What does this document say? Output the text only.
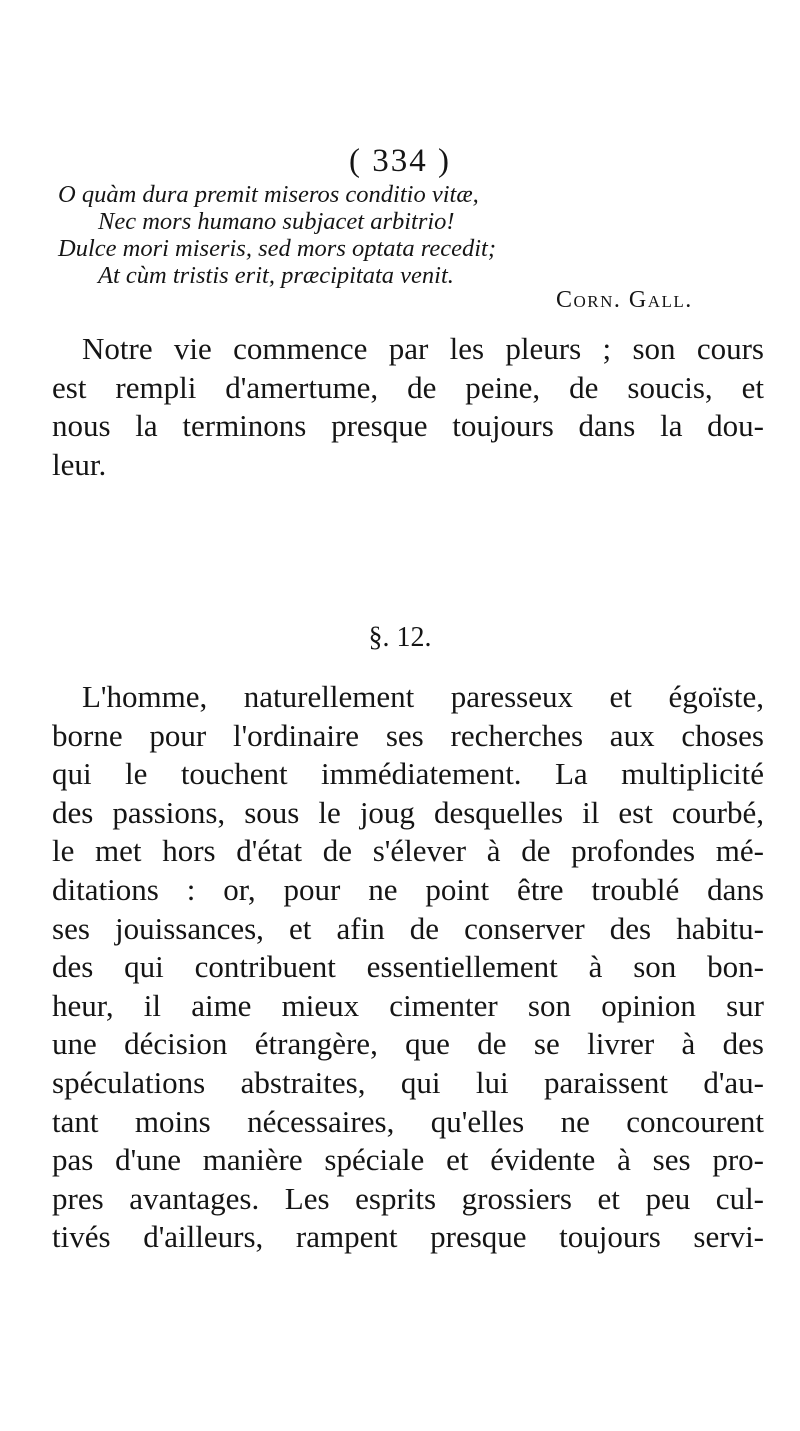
( 334 )
O quàm dura premit miseros conditio vitæ,
Nec mors humano subjacet arbitrio!
Dulce mori miseris, sed mors optata recedit;
At cùm tristis erit, præcipitata venit.
Corn. Gall.
Notre vie commence par les pleurs ; son cours
est rempli d'amertume, de peine, de soucis, et
nous la terminons presque toujours dans la dou-
leur.
§. 12.
L'homme, naturellement paresseux et égoïste,
borne pour l'ordinaire ses recherches aux choses
qui le touchent immédiatement. La multiplicité
des passions, sous le joug desquelles il est courbé,
le met hors d'état de s'élever à de profondes mé-
ditations : or, pour ne point être troublé dans
ses jouissances, et afin de conserver des habitu-
des qui contribuent essentiellement à son bon-
heur, il aime mieux cimenter son opinion sur
une décision étrangère, que de se livrer à des
spéculations abstraites, qui lui paraissent d'au-
tant moins nécessaires, qu'elles ne concourent
pas d'une manière spéciale et évidente à ses pro-
pres avantages. Les esprits grossiers et peu cul-
tivés d'ailleurs, rampent presque toujours servi-
